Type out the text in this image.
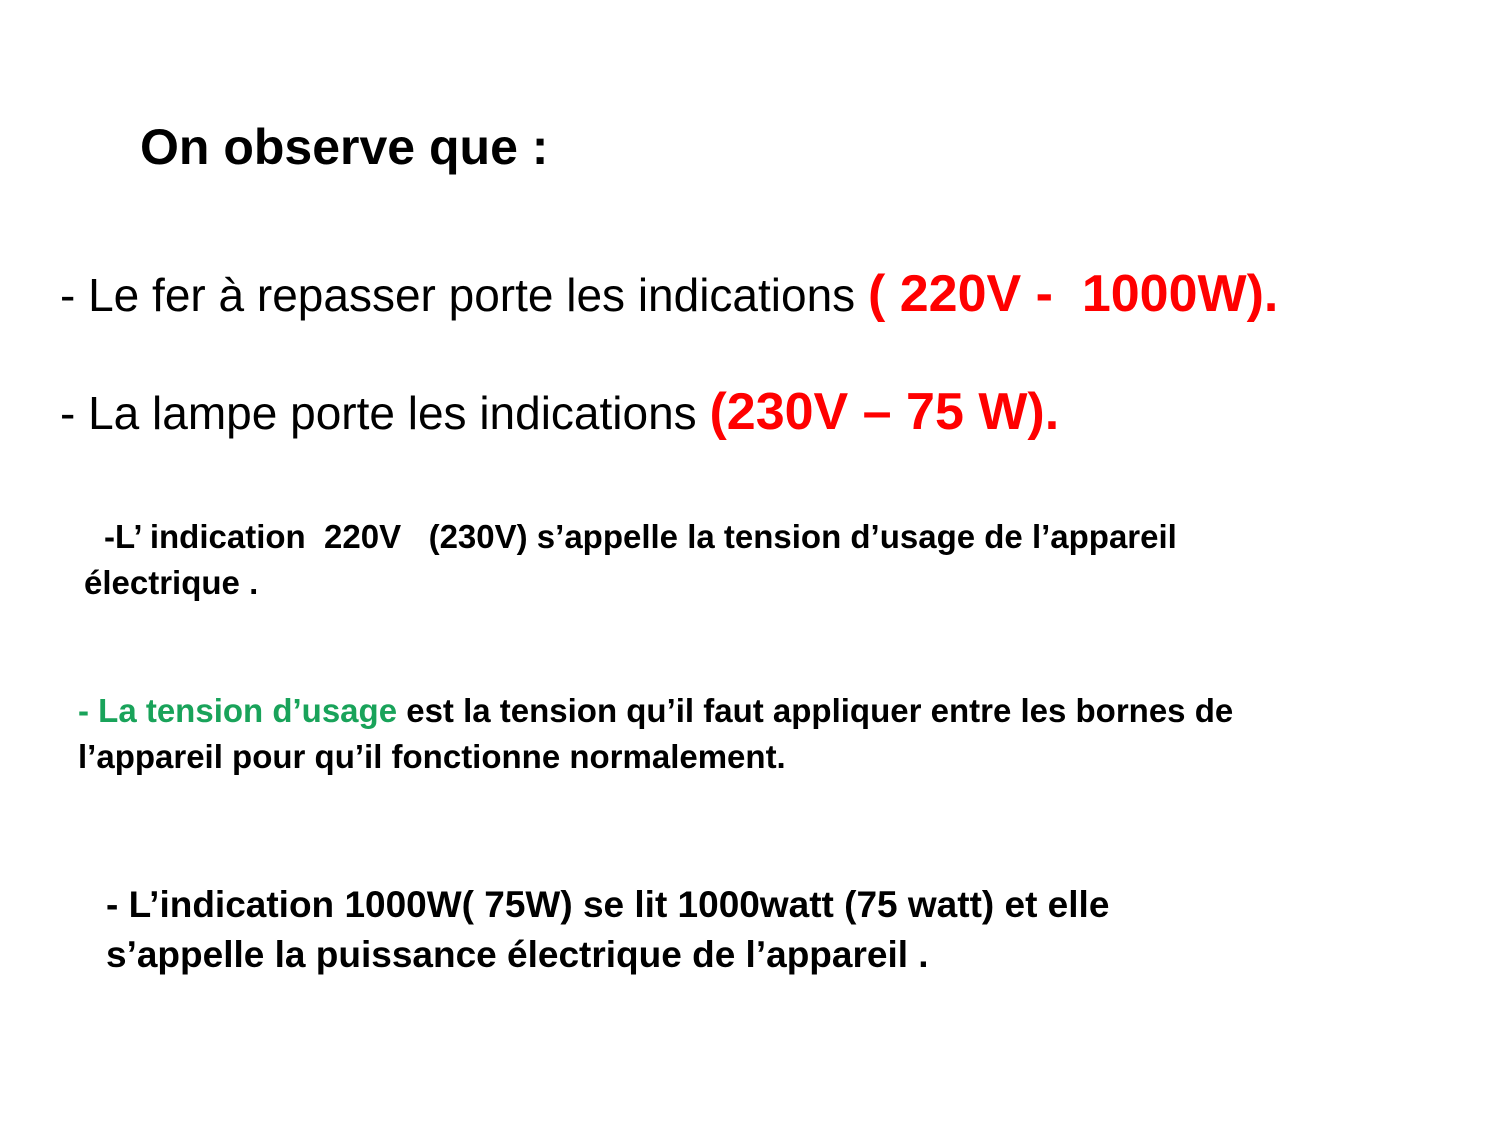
On observe que :
- Le fer à repasser porte les indications ( 220V -  1000W).
- La lampe porte les indications (230V – 75 W).
-L’ indication  220V   (230V) s’appelle la tension d’usage de l’appareil
électrique .
- La tension d’usage est la tension qu’il faut appliquer entre les bornes de
l’appareil pour qu’il fonctionne normalement.
- L’indication 1000W( 75W) se lit 1000watt (75 watt) et elle
s’appelle la puissance électrique de l’appareil .
